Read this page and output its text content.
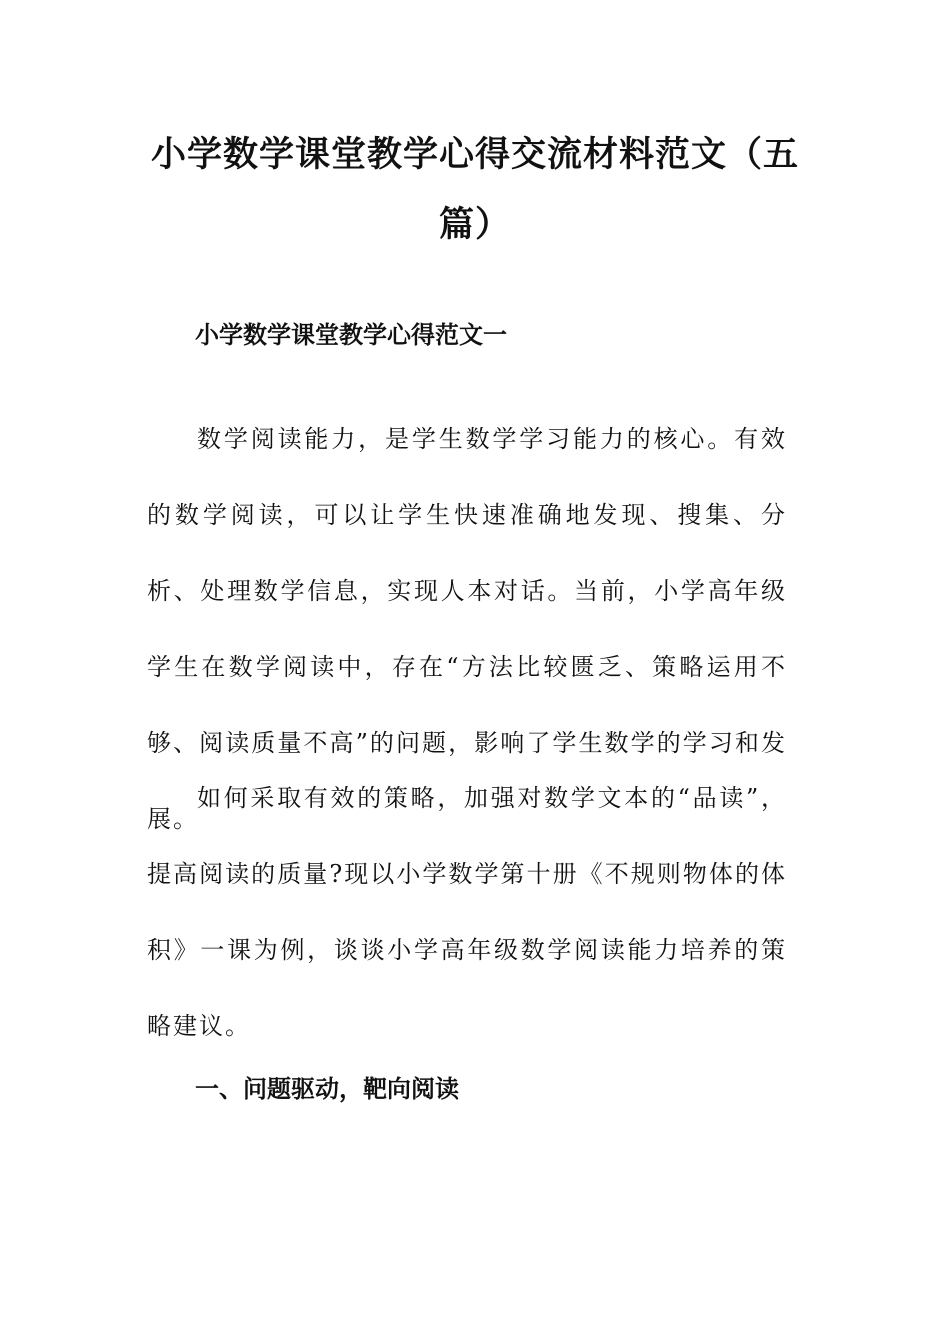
小学数学课堂教学心得交流材料范文（五篇）
小学数学课堂教学心得范文一

数学阅读能力，是学生数学学习能力的核心。有效的数学阅读，可以让学生快速准确地发现、搜集、分析、处理数学信息，实现人本对话。当前，小学高年级学生在数学阅读中，存在“方法比较匮乏、策略运用不够、阅读质量不高”的问题，影响了学生数学的学习和发展。

如何采取有效的策略，加强对数学文本的“品读”，提高阅读的质量?现以小学数学第十册《不规则物体的体积》一课为例，谈谈小学高年级数学阅读能力培养的策略建议。

一、问题驱动，靶向阅读
